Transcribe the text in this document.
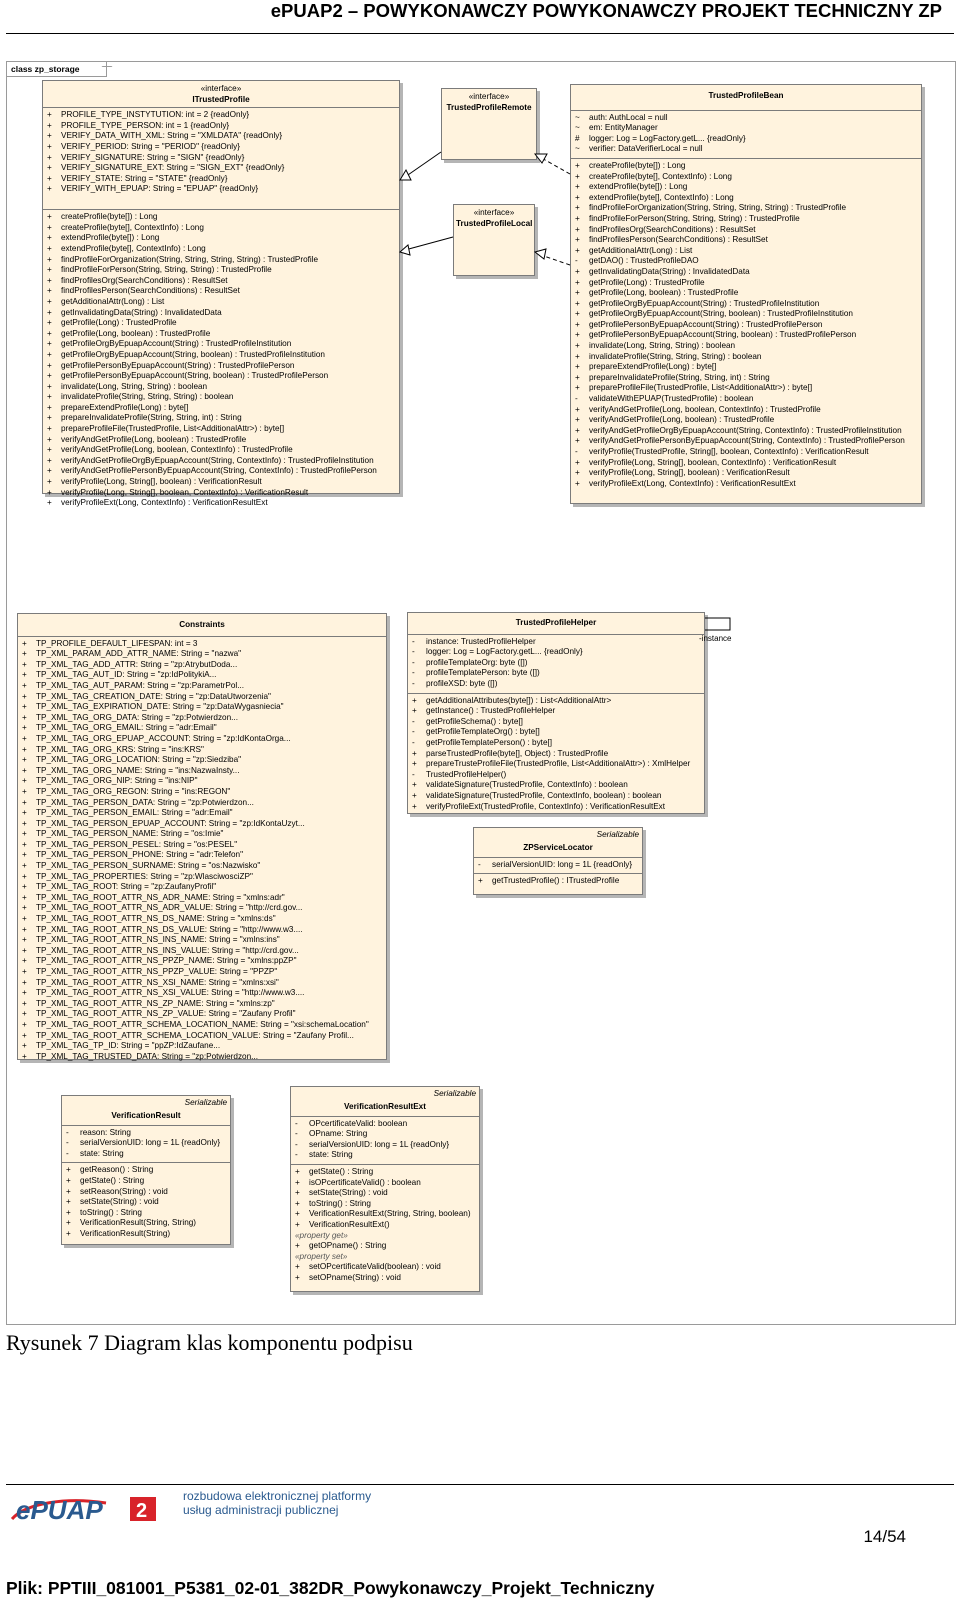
ePUAP2 – POWYKONAWCZY POWYKONAWCZY PROJEKT TECHNICZNY ZP
class zp_storage
«interface»
ITrustedProfile
+ PROFILE_TYPE_INSTYTUTION: int = 2 {readOnly}
+ PROFILE_TYPE_PERSON: int = 1 {readOnly}
+ VERIFY_DATA_WITH_XML: String = "XMLDATA" {readOnly}
+ VERIFY_PERIOD: String = "PERIOD" {readOnly}
+ VERIFY_SIGNATURE: String = "SIGN" {readOnly}
+ VERIFY_SIGNATURE_EXT: String = "SIGN_EXT" {readOnly}
+ VERIFY_STATE: String = "STATE" {readOnly}
+ VERIFY_WITH_EPUAP: String = "EPUAP" {readOnly}
+ createProfile(byte[]) : Long
+ createProfile(byte[], ContextInfo) : Long
+ extendProfile(byte[]) : Long
+ extendProfile(byte[], ContextInfo) : Long
+ findProfileForOrganization(String, String, String, String) : TrustedProfile
+ findProfileForPerson(String, String, String) : TrustedProfile
+ findProfilesOrg(SearchConditions) : ResultSet
+ findProfilesPerson(SearchConditions) : ResultSet
+ getAdditionalAttr(Long) : List
+ getInvalidatingData(String) : InvalidatedData
+ getProfile(Long) : TrustedProfile
+ getProfile(Long, boolean) : TrustedProfile
+ getProfileOrgByEpuapAccount(String) : TrustedProfileInstitution
+ getProfileOrgByEpuapAccount(String, boolean) : TrustedProfileInstitution
+ getProfilePersonByEpuapAccount(String) : TrustedProfilePerson
+ getProfilePersonByEpuapAccount(String, boolean) : TrustedProfilePerson
+ invalidate(Long, String, String) : boolean
+ invalidateProfile(String, String, String) : boolean
+ prepareExtendProfile(Long) : byte[]
+ prepareInvalidateProfile(String, String, int) : String
+ prepareProfileFile(TrustedProfile, List<AdditionalAttr>) : byte[]
+ verifyAndGetProfile(Long, boolean) : TrustedProfile
+ verifyAndGetProfile(Long, boolean, ContextInfo) : TrustedProfile
+ verifyAndGetProfileOrgByEpuapAccount(String, ContextInfo) : TrustedProfileInstitution
+ verifyAndGetProfilePersonByEpuapAccount(String, ContextInfo) : TrustedProfilePerson
+ verifyProfile(Long, String[], boolean) : VerificationResult
+ verifyProfile(Long, String[], boolean, ContextInfo) : VerificationResult
+ verifyProfileExt(Long, ContextInfo) : VerificationResultExt
«interface»
TrustedProfileRemote
«interface»
TrustedProfileLocal
TrustedProfileBean
~ auth: AuthLocal = null
~ em: EntityManager
# logger: Log = LogFactory.getL... {readOnly}
~ verifier: DataVerifierLocal = null
+ createProfile(byte[]) : Long
+ createProfile(byte[], ContextInfo) : Long
+ extendProfile(byte[]) : Long
+ extendProfile(byte[], ContextInfo) : Long
+ findProfileForOrganization(String, String, String, String) : TrustedProfile
+ findProfileForPerson(String, String, String) : TrustedProfile
+ findProfilesOrg(SearchConditions) : ResultSet
+ findProfilesPerson(SearchConditions) : ResultSet
+ getAdditionalAttr(Long) : List
- getDAO() : TrustedProfileDAO
+ getInvalidatingData(String) : InvalidatedData
+ getProfile(Long) : TrustedProfile
+ getProfile(Long, boolean) : TrustedProfile
+ getProfileOrgByEpuapAccount(String) : TrustedProfileInstitution
+ getProfileOrgByEpuapAccount(String, boolean) : TrustedProfileInstitution
+ getProfilePersonByEpuapAccount(String) : TrustedProfilePerson
+ getProfilePersonByEpuapAccount(String, boolean) : TrustedProfilePerson
+ invalidate(Long, String, String) : boolean
+ invalidateProfile(String, String, String) : boolean
+ prepareExtendProfile(Long) : byte[]
+ prepareInvalidateProfile(String, String, int) : String
+ prepareProfileFile(TrustedProfile, List<AdditionalAttr>) : byte[]
- validateWithEPUAP(TrustedProfile) : boolean
+ verifyAndGetProfile(Long, boolean, ContextInfo) : TrustedProfile
+ verifyAndGetProfile(Long, boolean) : TrustedProfile
+ verifyAndGetProfileOrgByEpuapAccount(String, ContextInfo) : TrustedProfileInstitution
+ verifyAndGetProfilePersonByEpuapAccount(String, ContextInfo) : TrustedProfilePerson
- verifyProfile(TrustedProfile, String[], boolean, ContextInfo) : VerificationResult
+ verifyProfile(Long, String[], boolean, ContextInfo) : VerificationResult
+ verifyProfile(Long, String[], boolean) : VerificationResult
+ verifyProfileExt(Long, ContextInfo) : VerificationResultExt
Constraints
+ TP_PROFILE_DEFAULT_LIFESPAN: int = 3
+ TP_XML_PARAM_ADD_ATTR_NAME: String = "nazwa"
+ TP_XML_TAG_ADD_ATTR: String = "zp:AtrybutDoda...
+ TP_XML_TAG_AUT_ID: String = "zp:IdPolitykiA...
+ TP_XML_TAG_AUT_PARAM: String = "zp:ParametrPol...
+ TP_XML_TAG_CREATION_DATE: String = "zp:DataUtworzenia"
+ TP_XML_TAG_EXPIRATION_DATE: String = "zp:DataWygasniecia"
+ TP_XML_TAG_ORG_DATA: String = "zp:Potwierdzon...
+ TP_XML_TAG_ORG_EMAIL: String = "adr:Email"
+ TP_XML_TAG_ORG_EPUAP_ACCOUNT: String = "zp:IdKontaOrga...
+ TP_XML_TAG_ORG_KRS: String = "ins:KRS"
+ TP_XML_TAG_ORG_LOCATION: String = "zp:Siedziba"
+ TP_XML_TAG_ORG_NAME: String = "ins:NazwaInsty...
+ TP_XML_TAG_ORG_NIP: String = "ins:NIP"
+ TP_XML_TAG_ORG_REGON: String = "ins:REGON"
+ TP_XML_TAG_PERSON_DATA: String = "zp:Potwierdzon...
+ TP_XML_TAG_PERSON_EMAIL: String = "adr:Email"
+ TP_XML_TAG_PERSON_EPUAP_ACCOUNT: String = "zp:IdKontaUzyt...
+ TP_XML_TAG_PERSON_NAME: String = "os:Imie"
+ TP_XML_TAG_PERSON_PESEL: String = "os:PESEL"
+ TP_XML_TAG_PERSON_PHONE: String = "adr:Telefon"
+ TP_XML_TAG_PERSON_SURNAME: String = "os:Nazwisko"
+ TP_XML_TAG_PROPERTIES: String = "zp:WlasciwosciZP"
+ TP_XML_TAG_ROOT: String = "zp:ZaufanyProfil"
+ TP_XML_TAG_ROOT_ATTR_NS_ADR_NAME: String = "xmlns:adr"
+ TP_XML_TAG_ROOT_ATTR_NS_ADR_VALUE: String = "http://crd.gov...
+ TP_XML_TAG_ROOT_ATTR_NS_DS_NAME: String = "xmlns:ds"
+ TP_XML_TAG_ROOT_ATTR_NS_DS_VALUE: String = "http://www.w3....
+ TP_XML_TAG_ROOT_ATTR_NS_INS_NAME: String = "xmlns:ins"
+ TP_XML_TAG_ROOT_ATTR_NS_INS_VALUE: String = "http://crd.gov...
+ TP_XML_TAG_ROOT_ATTR_NS_PPZP_NAME: String = "xmlns:ppZP"
+ TP_XML_TAG_ROOT_ATTR_NS_PPZP_VALUE: String = "PPZP"
+ TP_XML_TAG_ROOT_ATTR_NS_XSI_NAME: String = "xmlns:xsi"
+ TP_XML_TAG_ROOT_ATTR_NS_XSI_VALUE: String = "http://www.w3....
+ TP_XML_TAG_ROOT_ATTR_NS_ZP_NAME: String = "xmlns:zp"
+ TP_XML_TAG_ROOT_ATTR_NS_ZP_VALUE: String = "Zaufany Profil"
+ TP_XML_TAG_ROOT_ATTR_SCHEMA_LOCATION_NAME: String = "xsi:schemaLocation"
+ TP_XML_TAG_ROOT_ATTR_SCHEMA_LOCATION_VALUE: String = "Zaufany Profil...
+ TP_XML_TAG_TP_ID: String = "ppZP:IdZaufane...
+ TP_XML_TAG_TRUSTED_DATA: String = "zp:Potwierdzon...
TrustedProfileHelper
- instance: TrustedProfileHelper
- logger: Log = LogFactory.getL... {readOnly}
- profileTemplateOrg: byte ([])
- profileTemplatePerson: byte ([])
- profileXSD: byte ([])
+ getAdditionalAttributes(byte[]) : List<AdditionalAttr>
+ getInstance() : TrustedProfileHelper
- getProfileSchema() : byte[]
- getProfileTemplateOrg() : byte[]
- getProfileTemplatePerson() : byte[]
+ parseTrustedProfile(byte[], Object) : TrustedProfile
+ prepareTrusteProfileFile(TrustedProfile, List<AdditionalAttr>) : XmlHelper
- TrustedProfileHelper()
+ validateSignature(TrustedProfile, ContextInfo) : boolean
+ validateSignature(TrustedProfile, ContextInfo, boolean) : boolean
+ verifyProfileExt(TrustedProfile, ContextInfo) : VerificationResultExt
-instance
Serializable
ZPServiceLocator
- serialVersionUID: long = 1L {readOnly}
+ getTrustedProfile() : ITrustedProfile
Serializable
VerificationResult
- reason: String
- serialVersionUID: long = 1L {readOnly}
- state: String
+ getReason() : String
+ getState() : String
+ setReason(String) : void
+ setState(String) : void
+ toString() : String
+ VerificationResult(String, String)
+ VerificationResult(String)
Serializable
VerificationResultExt
- OPcertificateValid: boolean
- OPname: String
- serialVersionUID: long = 1L {readOnly}
- state: String
+ getState() : String
+ isOPcertificateValid() : boolean
+ setState(String) : void
+ toString() : String
+ VerificationResultExt(String, String, boolean)
+ VerificationResultExt()
«property get»
+ getOPname() : String
«property set»
+ setOPcertificateValid(boolean) : void
+ setOPname(String) : void
Rysunek 7 Diagram klas komponentu podpisu
ePUAP 2
rozbudowa elektronicznej platformy
usług administracji publicznej
14/54
Plik: PPTIII_081001_P5381_02-01_382DR_Powykonawczy_Projekt_Techniczny
